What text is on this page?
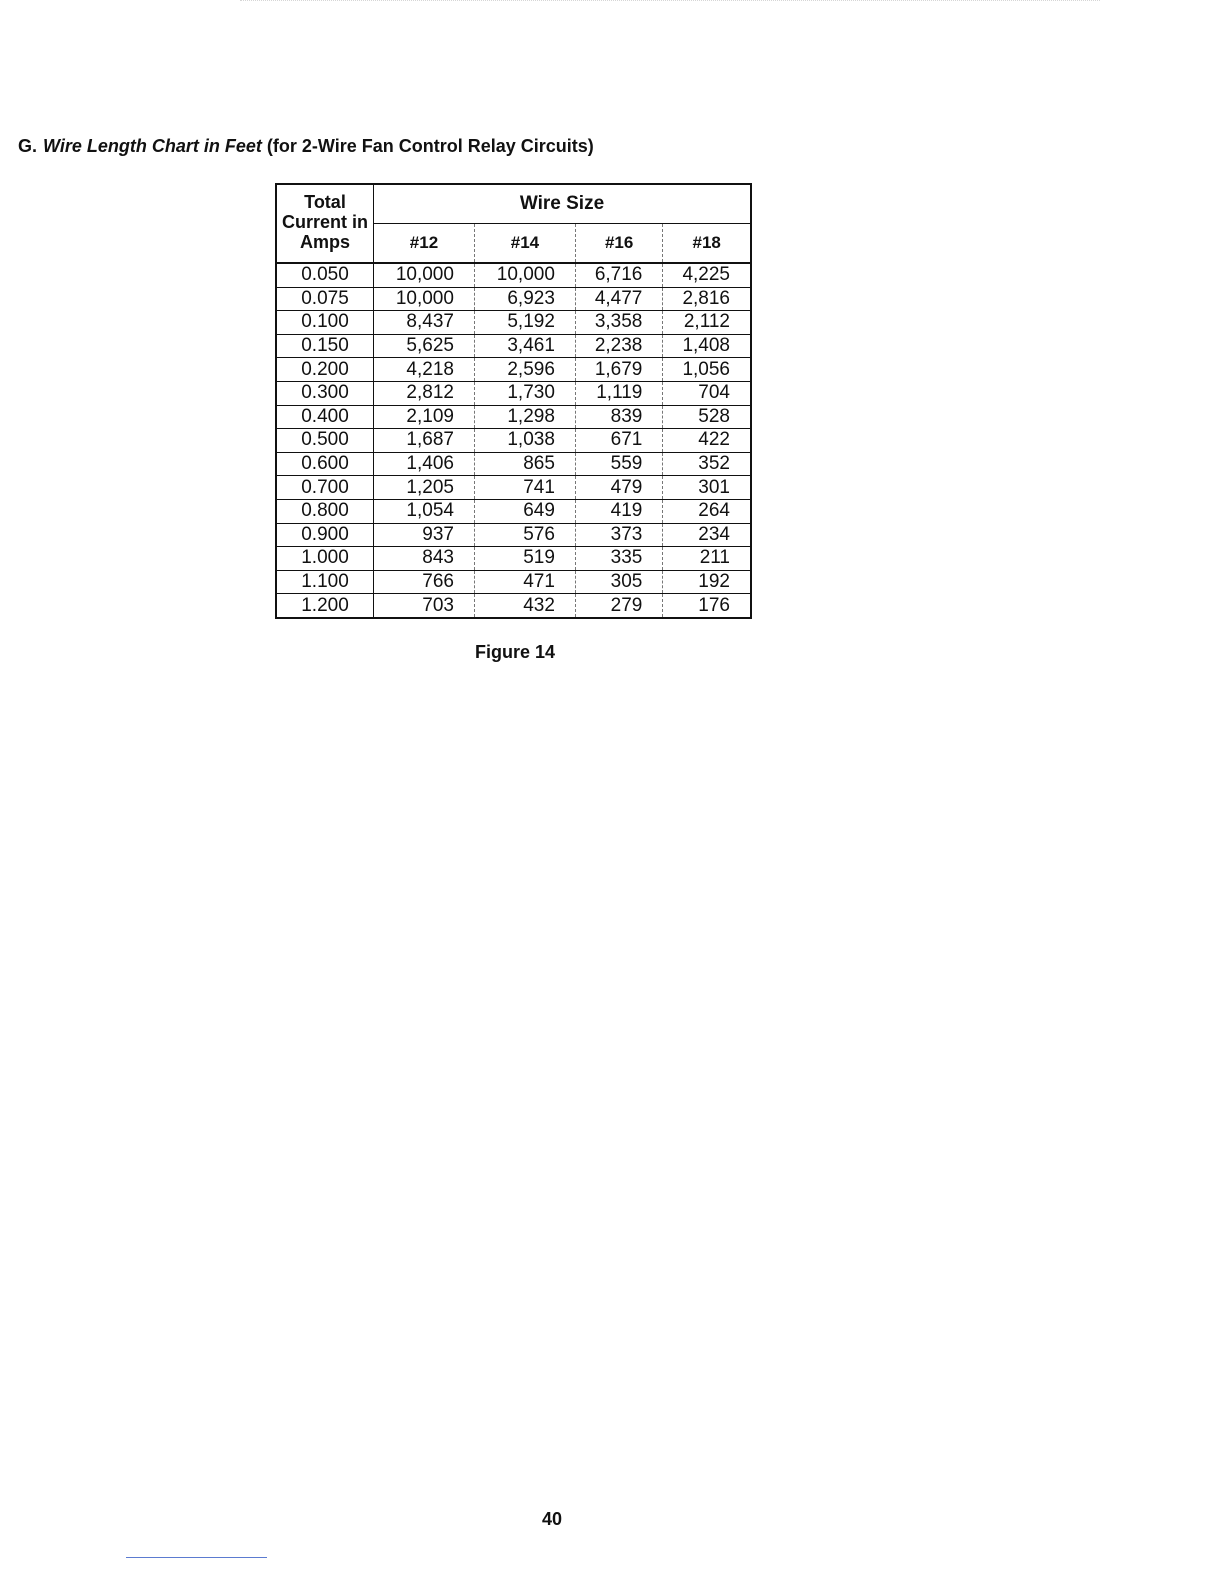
G. Wire Length Chart in Feet (for 2-Wire Fan Control Relay Circuits)
Total Current in Amps	Wire Size			
	#12	#14	#16	#18
0.050	10,000	10,000	6,716	4,225
0.075	10,000	6,923	4,477	2,816
0.100	8,437	5,192	3,358	2,112
0.150	5,625	3,461	2,238	1,408
0.200	4,218	2,596	1,679	1,056
0.300	2,812	1,730	1,119	704
0.400	2,109	1,298	839	528
0.500	1,687	1,038	671	422
0.600	1,406	865	559	352
0.700	1,205	741	479	301
0.800	1,054	649	419	264
0.900	937	576	373	234
1.000	843	519	335	211
1.100	766	471	305	192
1.200	703	432	279	176
Figure 14
40
